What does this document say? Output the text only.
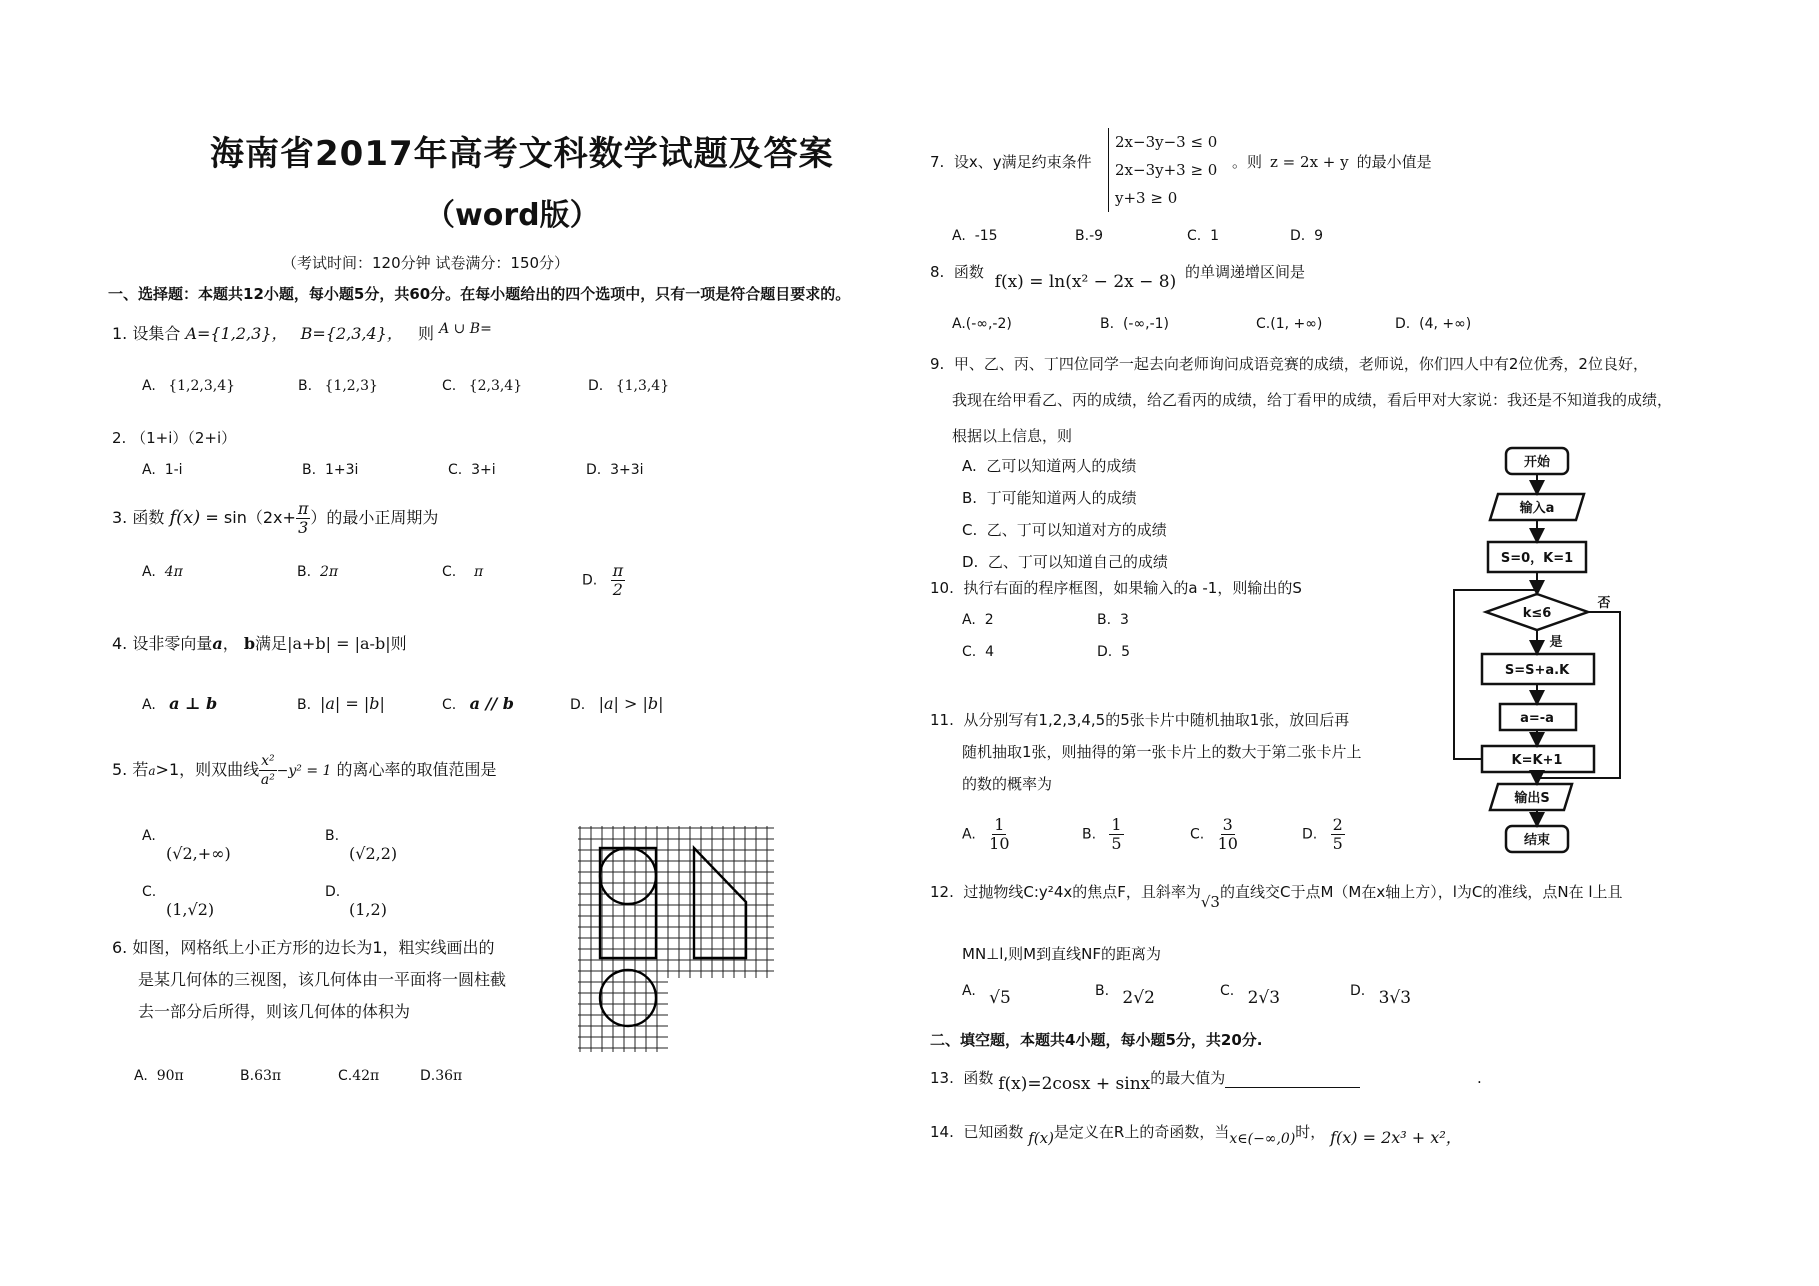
海南省2017年高考文科数学试题及答案
（word版）
（考试时间：120分钟 试卷满分：150分）
一、选择题：本题共12小题，每小题5分，共60分。在每小题给出的四个选项中，只有一项是符合题目要求的。
1. 设集合 A={1,2,3}， B={2,3,4}， 则 A ∪ B=
A. {1,2,3,4}	B. {1,2,3}	C. {2,3,4}	D. {1,3,4}
2. （1+i）（2+i）
A. 1-i	B. 1+3i	C. 3+i	D. 3+3i
3. 函数 $f(x) = \sin(2x+ \frac{\pi}{3}$ ）的最小正周期为
A. 4π	B. 2π	C. π
D. $\frac{\pi}{2}$
4. 设非零向量a， b满足|a+b| = |a-b|则
A. a ⊥ b	B. |a| = |b|	C. a // b	D. |a| > |b|
5. 若a>1，则双曲线 $\frac{\text{x²}}{\text{a²}} -y^2 = 1$ 的离心率的取值范围是
A.
(√2,+∞)
B.
(√2,2)
C.
(1,√2)
D.
(1,2)
6. 如图，网格纸上小正方形的边长为1，粗实线画出的
是某几何体的三视图，该几何体由一平面将一圆柱截
去一部分后所得，则该几何体的体积为
A. 90π	B.63π	C.42π	D.36π
7. 设x、y满足约束条件
2x−3y−3 ≤ 0
2x−3y+3 ≥ 0
y+3 ≥ 0
。则 z = 2x + y 的最小值是
A. -15	B.-9	C. 1	D. 9
8. 函数 f(x) = ln(x² − 2x − 8) 的单调递增区间是
A.(-∞,-2)	B. (-∞,-1)	C.(1, +∞)	D. (4, +∞)
9. 甲、乙、丙、丁四位同学一起去向老师询问成语竞赛的成绩，老师说，你们四人中有2位优秀，2位良好，
我现在给甲看乙、丙的成绩，给乙看丙的成绩，给丁看甲的成绩，看后甲对大家说：我还是不知道我的成绩，
根据以上信息，则
A. 乙可以知道两人的成绩
B. 丁可能知道两人的成绩
C. 乙、丁可以知道对方的成绩
D. 乙、丁可以知道自己的成绩
10. 执行右面的程序框图，如果输入的a -1，则输出的S
A. 2	B. 3
C. 4	D. 5
11. 从分别写有1,2,3,4,5的5张卡片中随机抽取1张，放回后再
随机抽取1张，则抽得的第一张卡片上的数大于第二张卡片上
的数的概率为
A. $\frac{1}{10}$	B. $\frac{1}{5}$	C. $\frac{3}{10}$	D. $\frac{2}{5}$
12. 过抛物线C:y²4x的焦点F，且斜率为√3的直线交C于点M（M在x轴上方），l为C的准线，点N在 l上且
MN⊥l,则M到直线NF的距离为
A. √5	B. 2√2	C. 2√3	D. 3√3
二、填空题，本题共4小题，每小题5分，共20分.
13. 函数 f(x)=2cosx + sinx的最大值为	.
14. 已知函数 f(x)是定义在R上的奇函数，当x∈(−∞,0)时， f(x) = 2x³ + x²，
开始
输入a
S=0，K=1
k≤6
否
是
S=S+a.K
a=-a
K=K+1
输出S
结束
